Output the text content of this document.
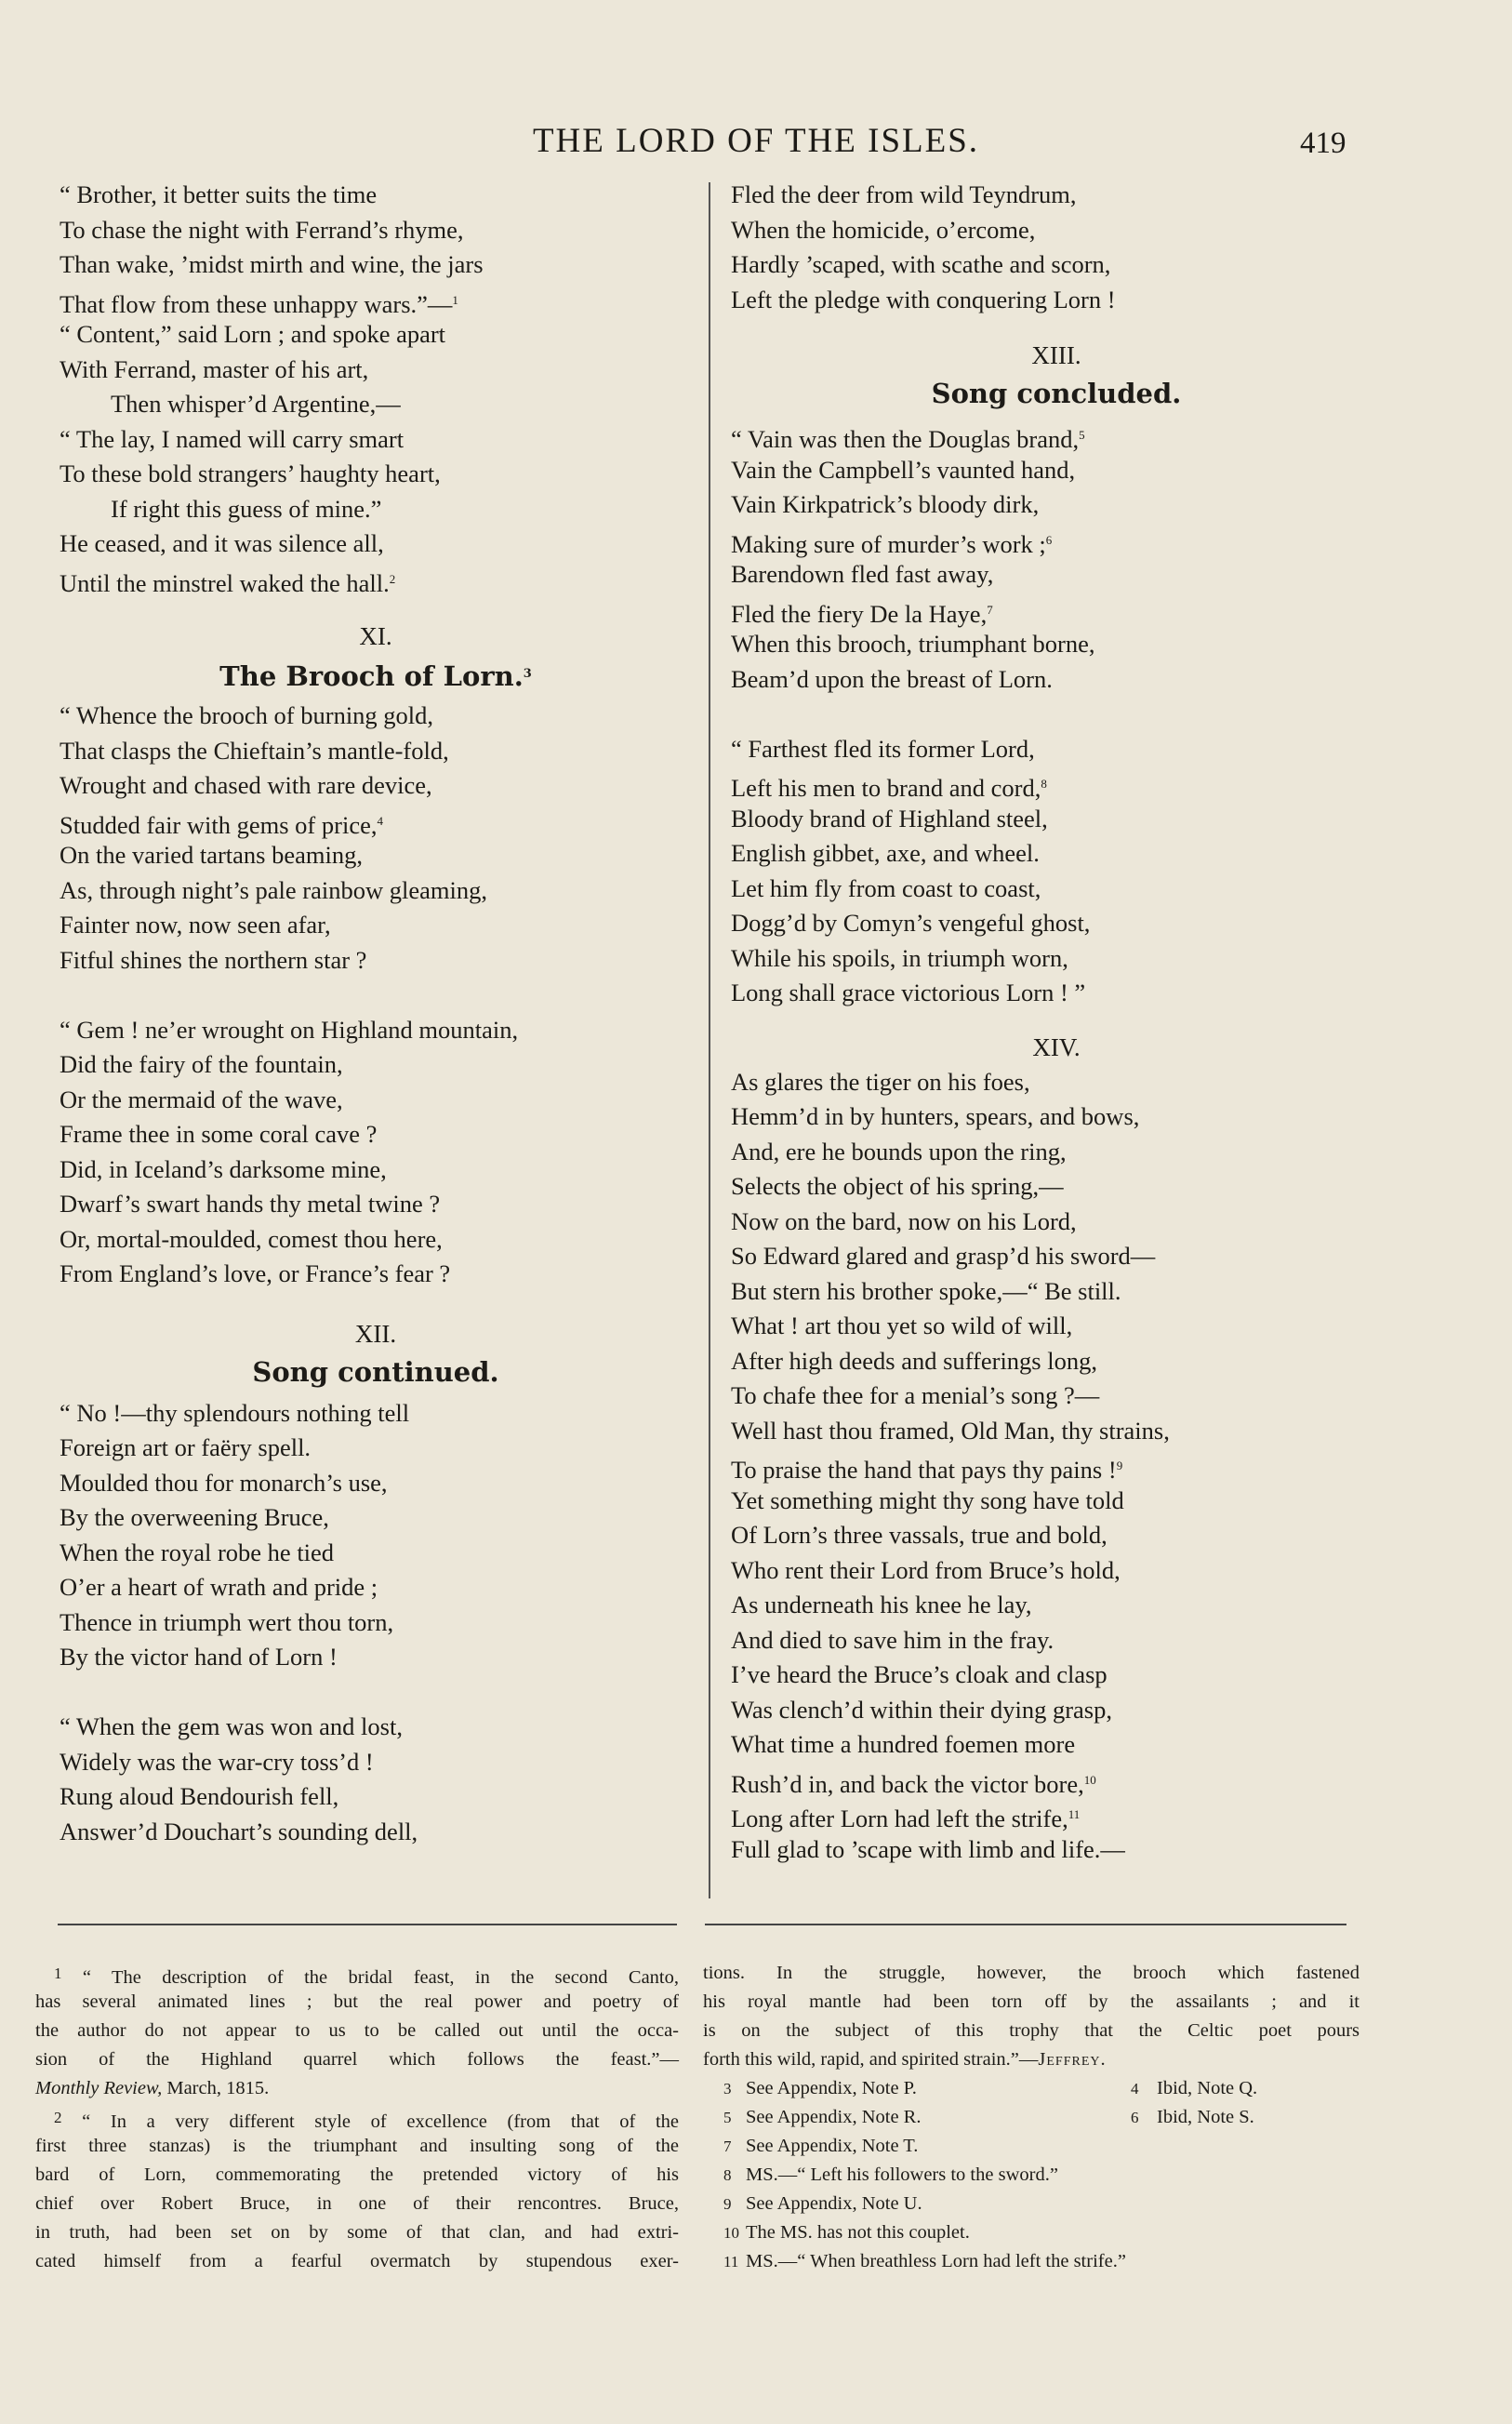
THE LORD OF THE ISLES.	419
“ Brother, it better suits the time
To chase the night with Ferrand’s rhyme,
Than wake, ’midst mirth and wine, the jars
That flow from these unhappy wars.”—$^1$
“ Content,” said Lorn ; and spoke apart
With Ferrand, master of his art,
Then whisper’d Argentine,—
“ The lay, I named will carry smart
To these bold strangers’ haughty heart,
If right this guess of mine.”
He ceased, and it was silence all,
Until the minstrel waked the hall.$^2$
XI.
The Brooch of Lorn.$^3$
“ Whence the brooch of burning gold,
That clasps the Chieftain’s mantle-fold,
Wrought and chased with rare device,
Studded fair with gems of price,$^4$
On the varied tartans beaming,
As, through night’s pale rainbow gleaming,
Fainter now, now seen afar,
Fitful shines the northern star ?
“ Gem ! ne’er wrought on Highland mountain,
Did the fairy of the fountain,
Or the mermaid of the wave,
Frame thee in some coral cave ?
Did, in Iceland’s darksome mine,
Dwarf’s swart hands thy metal twine ?
Or, mortal-moulded, comest thou here,
From England’s love, or France’s fear ?
XII.
Song continued.
“ No !—thy splendours nothing tell
Foreign art or faëry spell.
Moulded thou for monarch’s use,
By the overweening Bruce,
When the royal robe he tied
O’er a heart of wrath and pride ;
Thence in triumph wert thou torn,
By the victor hand of Lorn !
“ When the gem was won and lost,
Widely was the war-cry toss’d !
Rung aloud Bendourish fell,
Answer’d Douchart’s sounding dell,
Fled the deer from wild Teyndrum,
When the homicide, o’ercome,
Hardly ’scaped, with scathe and scorn,
Left the pledge with conquering Lorn !
XIII.
Song concluded.
“ Vain was then the Douglas brand,$^5$
Vain the Campbell’s vaunted hand,
Vain Kirkpatrick’s bloody dirk,
Making sure of murder’s work ;$^6$
Barendown fled fast away,
Fled the fiery De la Haye,$^7$
When this brooch, triumphant borne,
Beam’d upon the breast of Lorn.
“ Farthest fled its former Lord,
Left his men to brand and cord,$^8$
Bloody brand of Highland steel,
English gibbet, axe, and wheel.
Let him fly from coast to coast,
Dogg’d by Comyn’s vengeful ghost,
While his spoils, in triumph worn,
Long shall grace victorious Lorn ! ”
XIV.
As glares the tiger on his foes,
Hemm’d in by hunters, spears, and bows,
And, ere he bounds upon the ring,
Selects the object of his spring,—
Now on the bard, now on his Lord,
So Edward glared and grasp’d his sword—
But stern his brother spoke,—“ Be still.
What ! art thou yet so wild of will,
After high deeds and sufferings long,
To chafe thee for a menial’s song ?—
Well hast thou framed, Old Man, thy strains,
To praise the hand that pays thy pains !$^9$
Yet something might thy song have told
Of Lorn’s three vassals, true and bold,
Who rent their Lord from Bruce’s hold,
As underneath his knee he lay,
And died to save him in the fray.
I’ve heard the Bruce’s cloak and clasp
Was clench’d within their dying grasp,
What time a hundred foemen more
Rush’d in, and back the victor bore,$^{10}$
Long after Lorn had left the strife,$^{11}$
Full glad to ’scape with limb and life.—
$^1$ “ The description of the bridal feast, in the second Canto,
has several animated lines ; but the real power and poetry of
the author do not appear to us to be called out until the occa-
sion of the Highland quarrel which follows the feast.”—
Monthly Review, March, 1815.
$^2$ “ In a very different style of excellence (from that of the
first three stanzas) is the triumphant and insulting song of the
bard of Lorn, commemorating the pretended victory of his
chief over Robert Bruce, in one of their rencontres. Bruce,
in truth, had been set on by some of that clan, and had extri-
cated himself from a fearful overmatch by stupendous exer-
tions. In the struggle, however, the brooch which fastened
his royal mantle had been torn off by the assailants ; and it
is on the subject of this trophy that the Celtic poet pours
forth this wild, rapid, and spirited strain.”—Jeffrey.
3 See Appendix, Note P.	4 Ibid, Note Q.
5 See Appendix, Note R.	6 Ibid, Note S.
7 See Appendix, Note T.
8 MS.—“ Left his followers to the sword.”
9 See Appendix, Note U.
10 The MS. has not this couplet.
11 MS.—“ When breathless Lorn had left the strife.”
